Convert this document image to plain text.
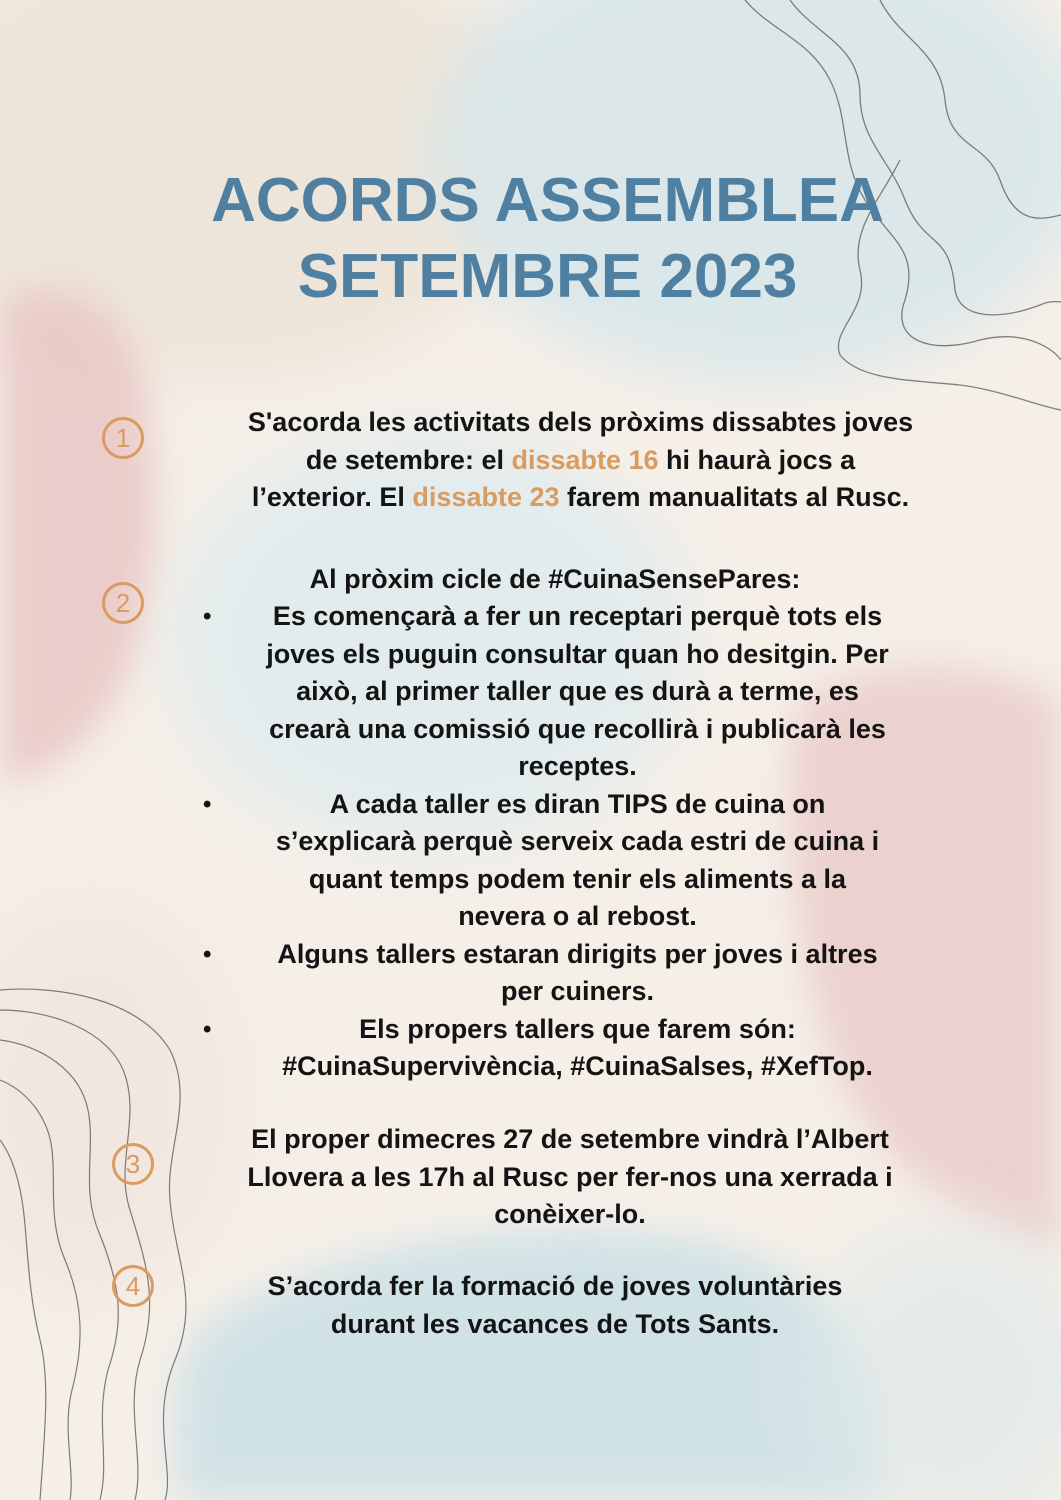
ACORDS ASSEMBLEA
SETEMBRE 2023
1

S'acorda les activitats dels pròxims dissabtes joves
de setembre: el dissabte 16 hi haurà jocs a
l’exterior. El dissabte 23 farem manualitats al Rusc.

2

Al pròxim cicle de #CuinaSensePares:

• Es començarà a fer un receptari perquè tots els
joves els puguin consultar quan ho desitgin. Per
això, al primer taller que es durà a terme, es
crearà una comissió que recollirà i publicarà les
receptes.
•	A cada taller es diran TIPS de cuina on
s’explicarà perquè serveix cada estri de cuina i
quant temps podem tenir els aliments a la
nevera o al rebost.
• Alguns tallers estaran dirigits per joves i altres
per cuiners.
•	Els propers tallers que farem són:
#CuinaSupervivència, #CuinaSalses, #XefTop.
3

El proper dimecres 27 de setembre vindrà l’Albert
Llovera a les 17h al Rusc per fer-nos una xerrada i
conèixer-lo.

4	S’acorda fer la formació de joves voluntàries
durant les vacances de Tots Sants.
